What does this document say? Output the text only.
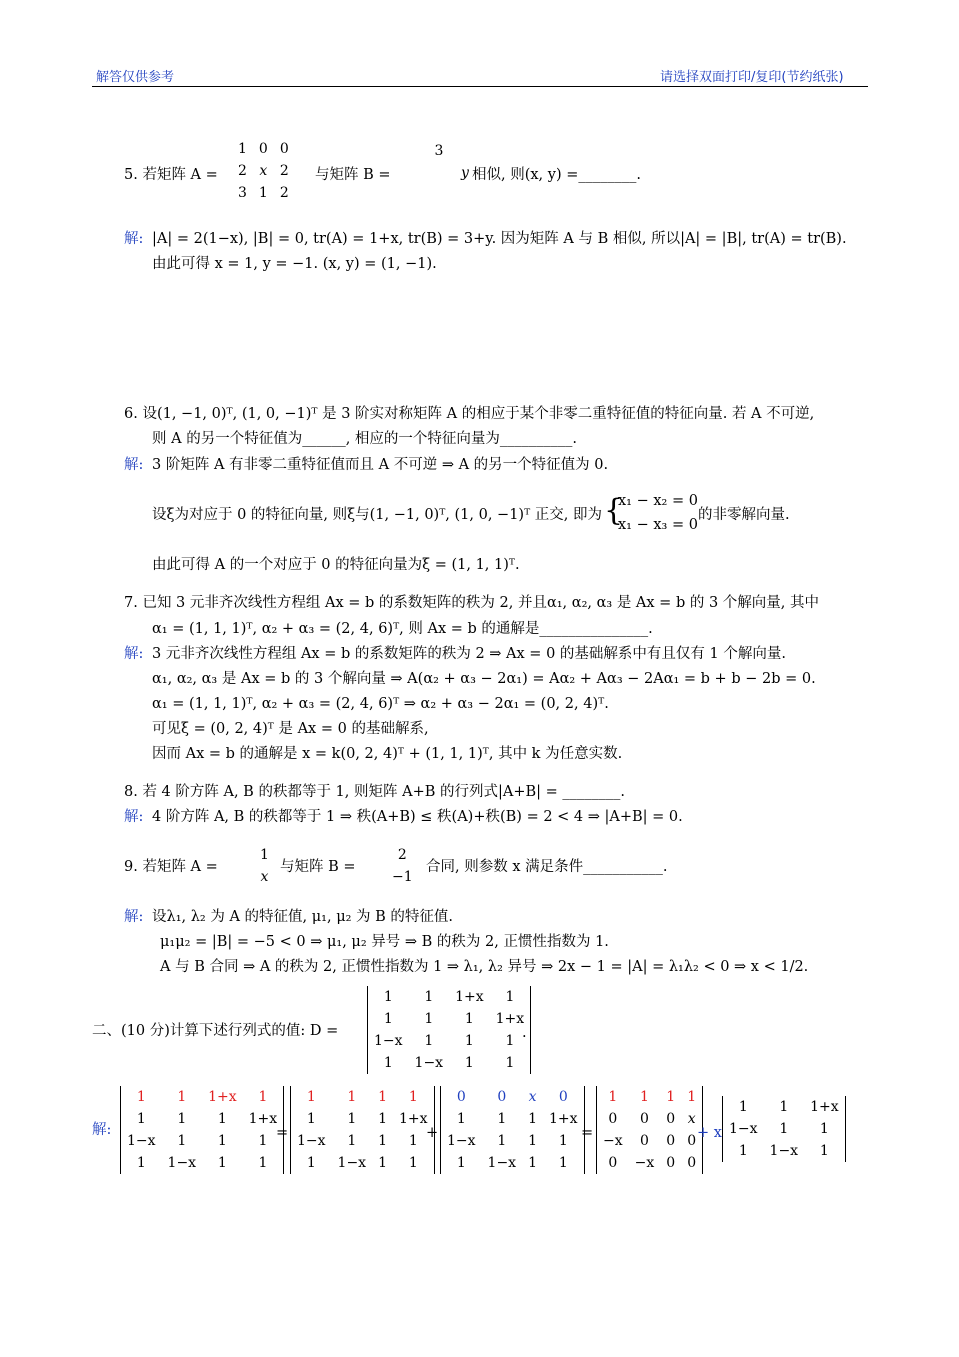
解答仅供参考	请选择双面打印/复印(节约纸张)
5. 若矩阵 A =
1	0	0
2	x	2
3	1	2
与矩阵 B =

	3	
		y 相似, 则(x, y) =________.
解: |A| = 2(1−x), |B| = 0, tr(A) = 1+x, tr(B) = 3+y. 因为矩阵 A 与 B 相似, 所以|A| = |B|, tr(A) = tr(B).
由此可得 x = 1, y = −1. (x, y) = (1, −1).
6. 设(1, −1, 0)ᵀ, (1, 0, −1)ᵀ 是 3 阶实对称矩阵 A 的相应于某个非零二重特征值的特征向量. 若 A 不可逆,
则 A 的另一个特征值为______, 相应的一个特征向量为__________.
解: 3 阶矩阵 A 有非零二重特征值而且 A 不可逆 ⇒ A 的另一个特征值为 0.
设ξ为对应于 0 的特征向量, 则ξ与(1, −1, 0)ᵀ, (1, 0, −1)ᵀ 正交, 即为 {
x₁ − x₂ = 0
x₁ − x₃ = 0
的非零解向量.
由此可得 A 的一个对应于 0 的特征向量为ξ = (1, 1, 1)ᵀ.
7. 已知 3 元非齐次线性方程组 Ax = b 的系数矩阵的秩为 2, 并且α₁, α₂, α₃ 是 Ax = b 的 3 个解向量, 其中
α₁ = (1, 1, 1)ᵀ, α₂ + α₃ = (2, 4, 6)ᵀ, 则 Ax = b 的通解是_______________.
解: 3 元非齐次线性方程组 Ax = b 的系数矩阵的秩为 2 ⇒ Ax = 0 的基础解系中有且仅有 1 个解向量.
α₁, α₂, α₃ 是 Ax = b 的 3 个解向量 ⇒ A(α₂ + α₃ − 2α₁) = Aα₂ + Aα₃ − 2Aα₁ = b + b − 2b = 0.
α₁ = (1, 1, 1)ᵀ, α₂ + α₃ = (2, 4, 6)ᵀ ⇒ α₂ + α₃ − 2α₁ = (0, 2, 4)ᵀ.
可见ξ = (0, 2, 4)ᵀ 是 Ax = 0 的基础解系,
因而 Ax = b 的通解是 x = k(0, 2, 4)ᵀ + (1, 1, 1)ᵀ, 其中 k 为任意实数.
8. 若 4 阶方阵 A, B 的秩都等于 1, 则矩阵 A+B 的行列式|A+B| = ________.
解: 4 阶方阵 A, B 的秩都等于 1 ⇒ 秩(A+B) ≤ 秩(A)+秩(B) = 2 < 4 ⇒ |A+B| = 0.
9. 若矩阵 A =
	1
	x
与矩阵 B =
	2
	−1
合同, 则参数 x 满足条件___________.
解: 设λ₁, λ₂ 为 A 的特征值, μ₁, μ₂ 为 B 的特征值.
μ₁μ₂ = |B| = −5 < 0 ⇒ μ₁, μ₂ 异号 ⇒ B 的秩为 2, 正惯性指数为 1.
A 与 B 合同 ⇒ A 的秩为 2, 正惯性指数为 1 ⇒ λ₁, λ₂ 异号 ⇒ 2x − 1 = |A| = λ₁λ₂ < 0 ⇒ x < 1/2.
二、(10 分)计算下述行列式的值: D =
1	1	1+x	1
1	1	1	1+x
1−x	1	1	1
1	1−x	1	1
.
解:
1	1	1+x	1
1	1	1	1+x
1−x	1	1	1
1	1−x	1	1
=
1	1	1	1
1	1	1	1+x
1−x	1	1	1
1	1−x	1	1
+
0	0	x	0
1	1	1	1+x
1−x	1	1	1
1	1−x	1	1
=
1	1	1	1
0	0	0	x
−x	0	0	0
0	−x	0	0
+ x
1	1	1+x
1−x	1	1
1	1−x	1
